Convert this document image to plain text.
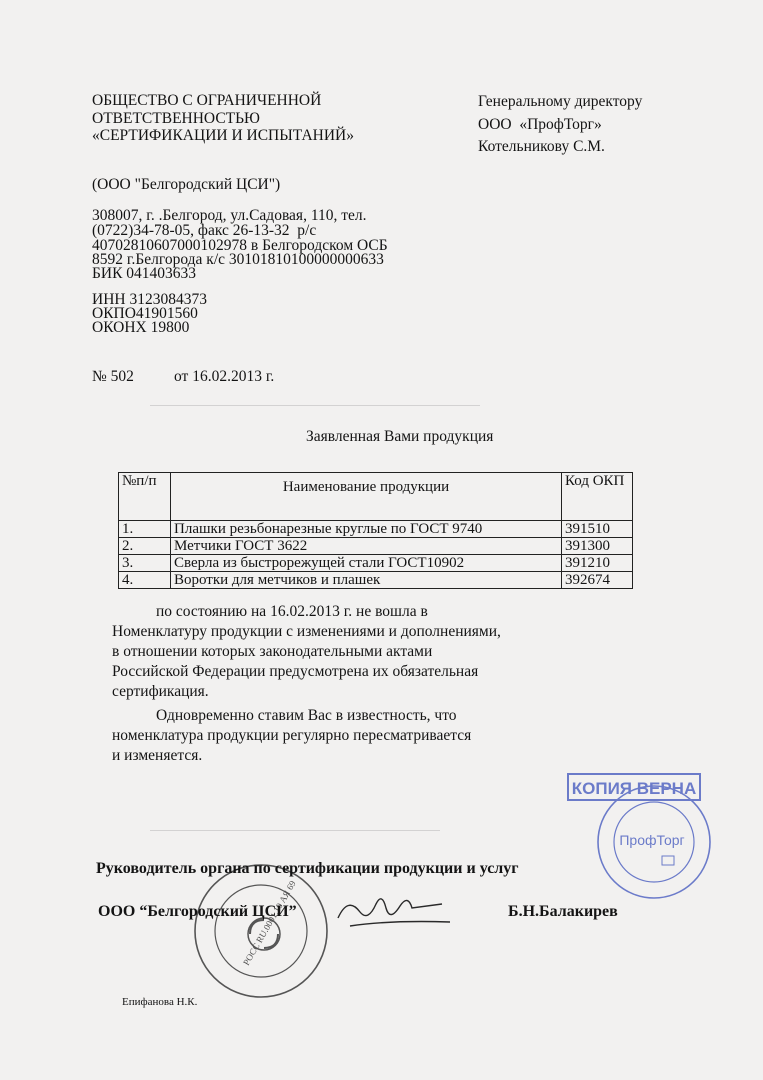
ОБЩЕСТВО С ОГРАНИЧЕННОЙ
ОТВЕТСТВЕННОСТЬЮ
«СЕРТИФИКАЦИИ И ИСПЫТАНИЙ»
(ООО "Белгородский ЦСИ")
308007, г. .Белгород, ул.Садовая, 110, тел.
(0722)34-78-05, факс 26-13-32  р/с
40702810607000102978 в Белгородском ОСБ
8592 г.Белгорода к/с 30101810100000000633
БИК 041403633
ИНН 3123084373
ОКПО41901560
ОКОНХ 19800
Генеральному директору
ООО  «ПрофТорг»
Котельникову С.М.
№ 502	от 16.02.2013 г.
Заявленная Вами продукция
№п/п	Наименование продукции	Код ОКП
1.	Плашки резьбонарезные круглые по ГОСТ 9740	391510
2.	Метчики ГОСТ 3622	391300
3.	Сверла из быстрорежущей стали ГОСТ10902	391210
4.	Воротки для метчиков и плашек	392674
по состоянию на 16.02.2013 г. не вошла в
Номенклатуру продукции с изменениями и дополнениями,
в отношении которых законодательными актами
Российской Федерации предусмотрена их обязательная
сертификация.
Одновременно ставим Вас в известность, что
номенклатура продукции регулярно пересматривается
и изменяется.
КОПИЯ ВЕРНА
ПрофТорг
РОСС RU.0001.10 АЯ 69
Руководитель органа по сертификации продукции и услуг
ООО “Белгородский ЦСИ”	Б.Н.Балакирев
Епифанова Н.К.
